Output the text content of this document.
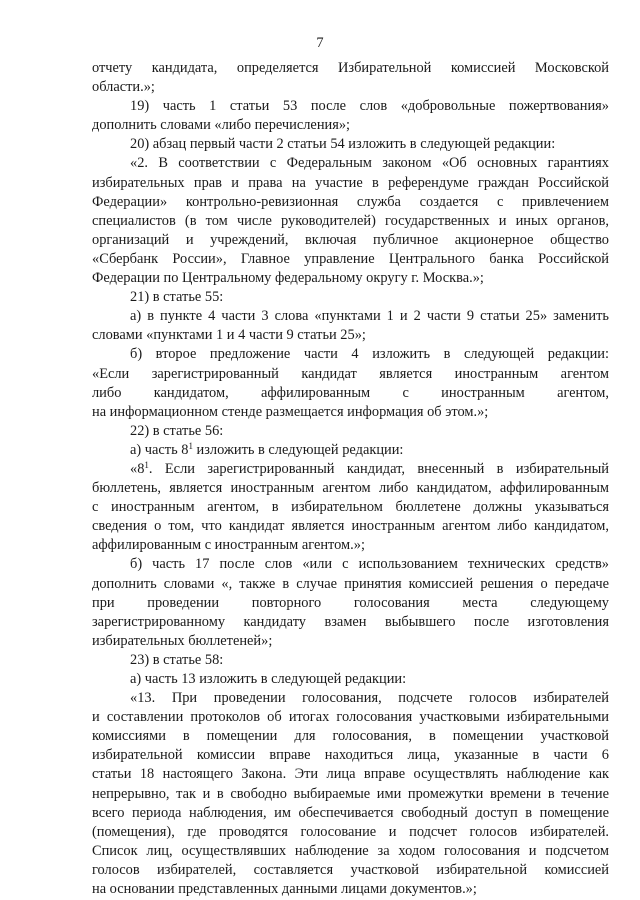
7
отчету кандидата, определяется Избирательной комиссией Московской
области.»;
19) часть 1 статьи 53 после слов «добровольные пожертвования»
дополнить словами «либо перечисления»;
20) абзац первый части 2 статьи 54 изложить в следующей редакции:
«2. В соответствии с Федеральным законом «Об основных гарантиях
избирательных прав и права на участие в референдуме граждан Российской
Федерации» контрольно-ревизионная служба создается с привлечением
специалистов (в том числе руководителей) государственных и иных органов,
организаций и учреждений, включая публичное акционерное общество
«Сбербанк России», Главное управление Центрального банка Российской
Федерации по Центральному федеральному округу г. Москва.»;
21) в статье 55:
а) в пункте 4 части 3 слова «пунктами 1 и 2 части 9 статьи 25» заменить
словами «пунктами 1 и 4 части 9 статьи 25»;
б) второе предложение части 4 изложить в следующей редакции:
«Если зарегистрированный кандидат является иностранным агентом
либо кандидатом, аффилированным с иностранным агентом,
на информационном стенде размещается информация об этом.»;
22) в статье 56:
а) часть $8^1$ изложить в следующей редакции:
«$8^1$. Если зарегистрированный кандидат, внесенный в избирательный
бюллетень, является иностранным агентом либо кандидатом, аффилированным
с иностранным агентом, в избирательном бюллетене должны указываться
сведения о том, что кандидат является иностранным агентом либо кандидатом,
аффилированным с иностранным агентом.»;
б) часть 17 после слов «или с использованием технических средств»
дополнить словами «, также в случае принятия комиссией решения о передаче
при проведении повторного голосования места следующему
зарегистрированному кандидату взамен выбывшего после изготовления
избирательных бюллетеней»;
23) в статье 58:
а) часть 13 изложить в следующей редакции:
«13. При проведении голосования, подсчете голосов избирателей
и составлении протоколов об итогах голосования участковыми избирательными
комиссиями в помещении для голосования, в помещении участковой
избирательной комиссии вправе находиться лица, указанные в части 6
статьи 18 настоящего Закона. Эти лица вправе осуществлять наблюдение как
непрерывно, так и в свободно выбираемые ими промежутки времени в течение
всего периода наблюдения, им обеспечивается свободный доступ в помещение
(помещения), где проводятся голосование и подсчет голосов избирателей.
Список лиц, осуществлявших наблюдение за ходом голосования и подсчетом
голосов избирателей, составляется участковой избирательной комиссией
на основании представленных данными лицами документов.»;
